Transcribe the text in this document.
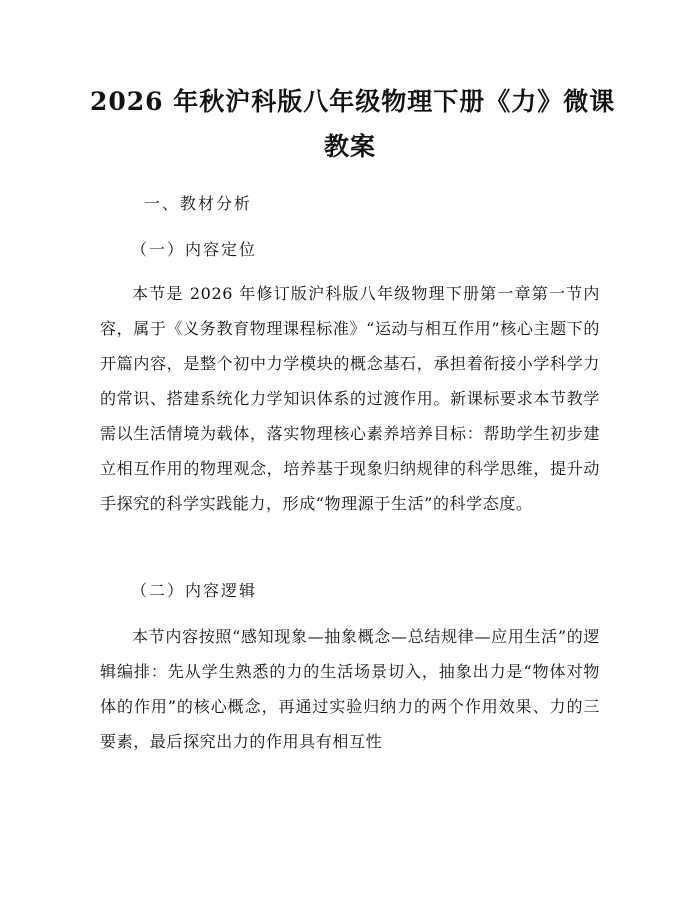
2026 年秋沪科版八年级物理下册《力》微课
教案
一、教材分析
（一）内容定位

本节是 2026 年修订版沪科版八年级物理下册第一章第一节内容，属于《义务教育物理课程标准》“运动与相互作用”核心主题下的开篇内容，是整个初中力学模块的概念基石，承担着衔接小学科学力的常识、搭建系统化力学知识体系的过渡作用。新课标要求本节教学需以生活情境为载体，落实物理核心素养培养目标：帮助学生初步建立相互作用的物理观念，培养基于现象归纳规律的科学思维，提升动手探究的科学实践能力，形成“物理源于生活”的科学态度。

（二）内容逻辑

本节内容按照“感知现象—抽象概念—总结规律—应用生活”的逻辑编排：先从学生熟悉的力的生活场景切入，抽象出力是“物体对物体的作用”的核心概念，再通过实验归纳力的两个作用效果、力的三要素，最后探究出力的作用具有相互性
